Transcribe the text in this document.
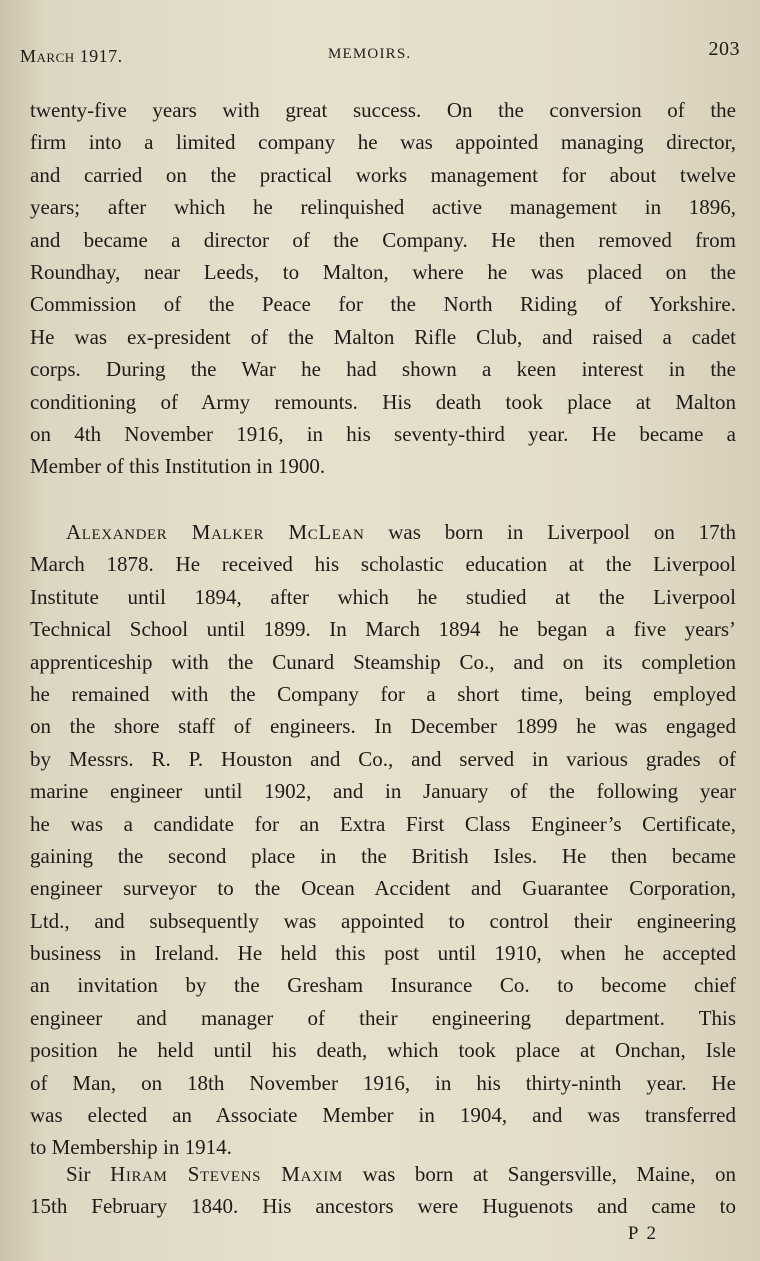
March 1917.	MEMOIRS.	203
twenty-five years with great success. On the conversion of the
firm into a limited company he was appointed managing director,
and carried on the practical works management for about twelve
years; after which he relinquished active management in 1896,
and became a director of the Company. He then removed from
Roundhay, near Leeds, to Malton, where he was placed on the
Commission of the Peace for the North Riding of Yorkshire.
He was ex-president of the Malton Rifle Club, and raised a cadet
corps. During the War he had shown a keen interest in the
conditioning of Army remounts. His death took place at Malton
on 4th November 1916, in his seventy-third year. He became a
Member of this Institution in 1900.
Alexander Malker McLean was born in Liverpool on 17th
March 1878. He received his scholastic education at the Liverpool
Institute until 1894, after which he studied at the Liverpool
Technical School until 1899. In March 1894 he began a five years’
apprenticeship with the Cunard Steamship Co., and on its completion
he remained with the Company for a short time, being employed
on the shore staff of engineers. In December 1899 he was engaged
by Messrs. R. P. Houston and Co., and served in various grades of
marine engineer until 1902, and in January of the following year
he was a candidate for an Extra First Class Engineer’s Certificate,
gaining the second place in the British Isles. He then became
engineer surveyor to the Ocean Accident and Guarantee Corporation,
Ltd., and subsequently was appointed to control their engineering
business in Ireland. He held this post until 1910, when he accepted
an invitation by the Gresham Insurance Co. to become chief
engineer and manager of their engineering department. This
position he held until his death, which took place at Onchan, Isle
of Man, on 18th November 1916, in his thirty-ninth year. He
was elected an Associate Member in 1904, and was transferred
to Membership in 1914.
Sir Hiram Stevens Maxim was born at Sangersville, Maine, on
15th February 1840. His ancestors were Huguenots and came to
P 2
